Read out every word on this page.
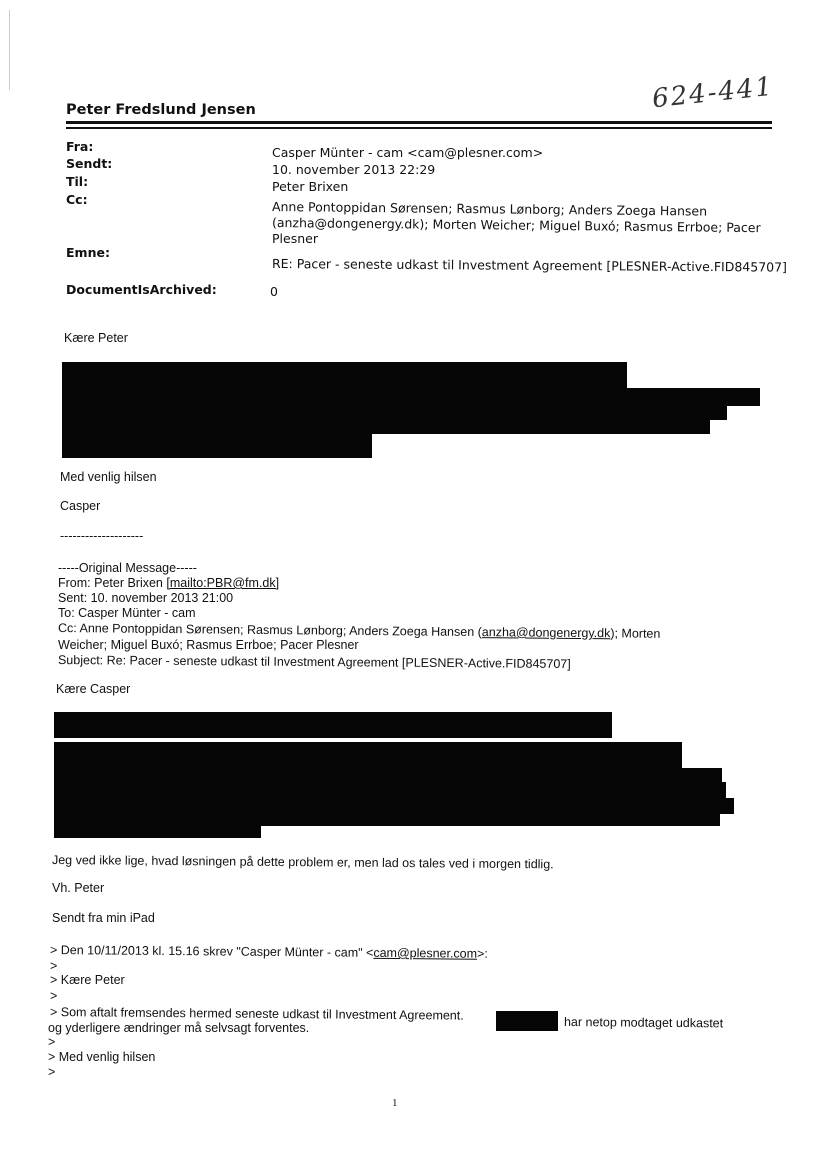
624-441
Peter Fredslund Jensen
Fra:
Sendt:
Til:
Cc:
Emne:
DocumentIsArchived:
Casper Münter - cam <cam@plesner.com>
10. november 2013 22:29
Peter Brixen
Anne Pontoppidan Sørensen; Rasmus Lønborg; Anders Zoega Hansen
(anzha@dongenergy.dk); Morten Weicher; Miguel Buxó; Rasmus Errboe; Pacer
Plesner
RE: Pacer - seneste udkast til Investment Agreement [PLESNER-Active.FID845707]
0
Kære Peter
Med venlig hilsen
Casper
--------------------
-----Original Message-----
From: Peter Brixen [mailto:PBR@fm.dk]
Sent: 10. november 2013 21:00
To: Casper Münter - cam
Cc: Anne Pontoppidan Sørensen; Rasmus Lønborg; Anders Zoega Hansen (anzha@dongenergy.dk); Morten
Weicher; Miguel Buxó; Rasmus Errboe; Pacer Plesner
Subject: Re: Pacer - seneste udkast til Investment Agreement [PLESNER-Active.FID845707]
Kære Casper
Jeg ved ikke lige, hvad løsningen på dette problem er, men lad os tales ved i morgen tidlig.
Vh. Peter
Sendt fra min iPad
> Den 10/11/2013 kl. 15.16 skrev "Casper Münter - cam" <cam@plesner.com>:
>
> Kære Peter
>
> Som aftalt fremsendes hermed seneste udkast til Investment Agreement.
har netop modtaget udkastet
og yderligere ændringer må selvsagt forventes.
>
> Med venlig hilsen
>
1
